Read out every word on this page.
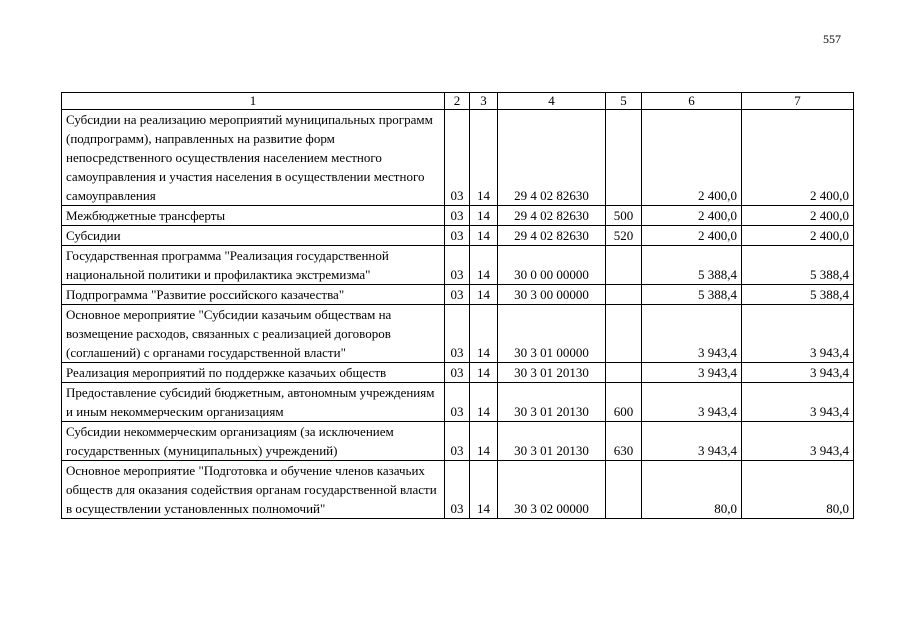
557
1	2	3	4	5	6	7
Субсидии на реализацию мероприятий муниципальных программ (подпрограмм), направленных на развитие форм непосредственного осуществления населением местного самоуправления и участия населения в осуществлении местного самоуправления	03	14	29 4 02 82630		2 400,0	2 400,0
Межбюджетные трансферты	03	14	29 4 02 82630	500	2 400,0	2 400,0
Субсидии	03	14	29 4 02 82630	520	2 400,0	2 400,0
Государственная программа "Реализация государственной национальной политики и профилактика экстремизма"	03	14	30 0 00 00000		5 388,4	5 388,4
Подпрограмма "Развитие российского казачества"	03	14	30 3 00 00000		5 388,4	5 388,4
Основное мероприятие "Субсидии казачьим обществам на возмещение расходов, связанных с реализацией договоров (соглашений) с органами государственной власти"	03	14	30 3 01 00000		3 943,4	3 943,4
Реализация мероприятий по поддержке казачьих обществ	03	14	30 3 01 20130		3 943,4	3 943,4
Предоставление субсидий бюджетным, автономным учреждениям и иным некоммерческим организациям	03	14	30 3 01 20130	600	3 943,4	3 943,4
Субсидии некоммерческим организациям (за исключением государственных (муниципальных) учреждений)	03	14	30 3 01 20130	630	3 943,4	3 943,4
Основное мероприятие "Подготовка и обучение членов казачьих обществ для оказания содействия органам государственной власти в осуществлении установленных полномочий"	03	14	30 3 02 00000		80,0	80,0
